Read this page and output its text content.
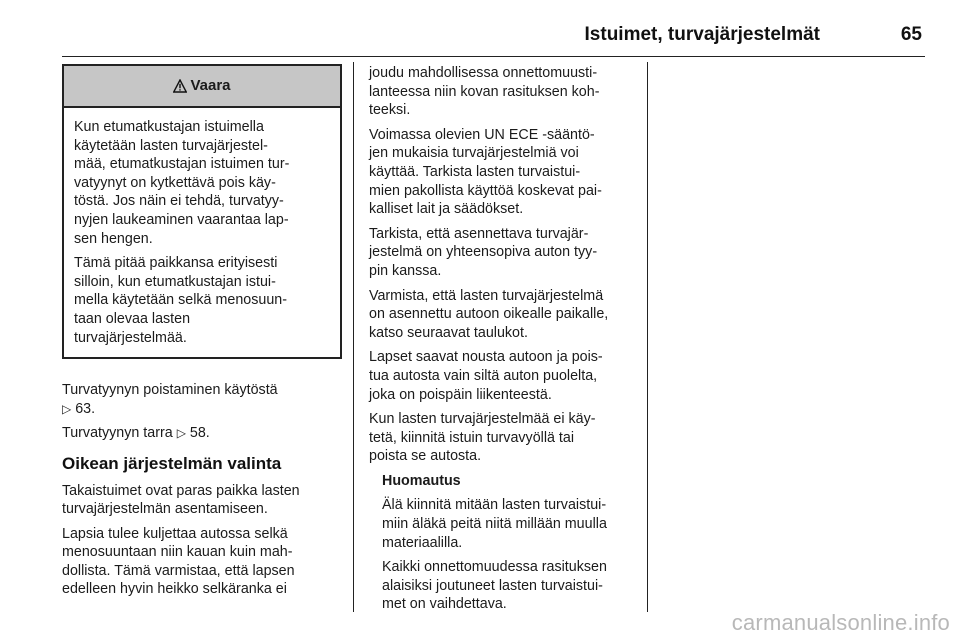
Istuimet, turvajärjestelmät	65
Vaara

Kun etumatkustajan istuimella
käytetään lasten turvajärjestel-
mää, etumatkustajan istuimen tur-
vatyynyt on kytkettävä pois käy-
töstä. Jos näin ei tehdä, turvatyy-
nyjen laukeaminen vaarantaa lap-
sen hengen.

Tämä pitää paikkansa erityisesti
silloin, kun etumatkustajan istui-
mella käytetään selkä menosuun-
taan olevaa lasten
turvajärjestelmää.

Turvatyynyn poistaminen käytöstä
▷ 63.

Turvatyynyn tarra ▷ 58.

Oikean järjestelmän valinta

Takaistuimet ovat paras paikka lasten
turvajärjestelmän asentamiseen.

Lapsia tulee kuljettaa autossa selkä
menosuuntaan niin kauan kuin mah-
dollista. Tämä varmistaa, että lapsen
edelleen hyvin heikko selkäranka ei

joudu mahdollisessa onnettomuusti-
lanteessa niin kovan rasituksen koh-
teeksi.

Voimassa olevien UN ECE -sääntö-
jen mukaisia turvajärjestelmiä voi
käyttää. Tarkista lasten turvaistui-
mien pakollista käyttöä koskevat pai-
kalliset lait ja säädökset.

Tarkista, että asennettava turvajär-
jestelmä on yhteensopiva auton tyy-
pin kanssa.

Varmista, että lasten turvajärjestelmä
on asennettu autoon oikealle paikalle,
katso seuraavat taulukot.

Lapset saavat nousta autoon ja pois-
tua autosta vain siltä auton puolelta,
joka on poispäin liikenteestä.

Kun lasten turvajärjestelmää ei käy-
tetä, kiinnitä istuin turvavyöllä tai
poista se autosta.

Huomautus

Älä kiinnitä mitään lasten turvaistui-
miin äläkä peitä niitä millään muulla
materiaalilla.

Kaikki onnettomuudessa rasituksen
alaisiksi joutuneet lasten turvaistui-
met on vaihdettava.

carmanualsonline.info
